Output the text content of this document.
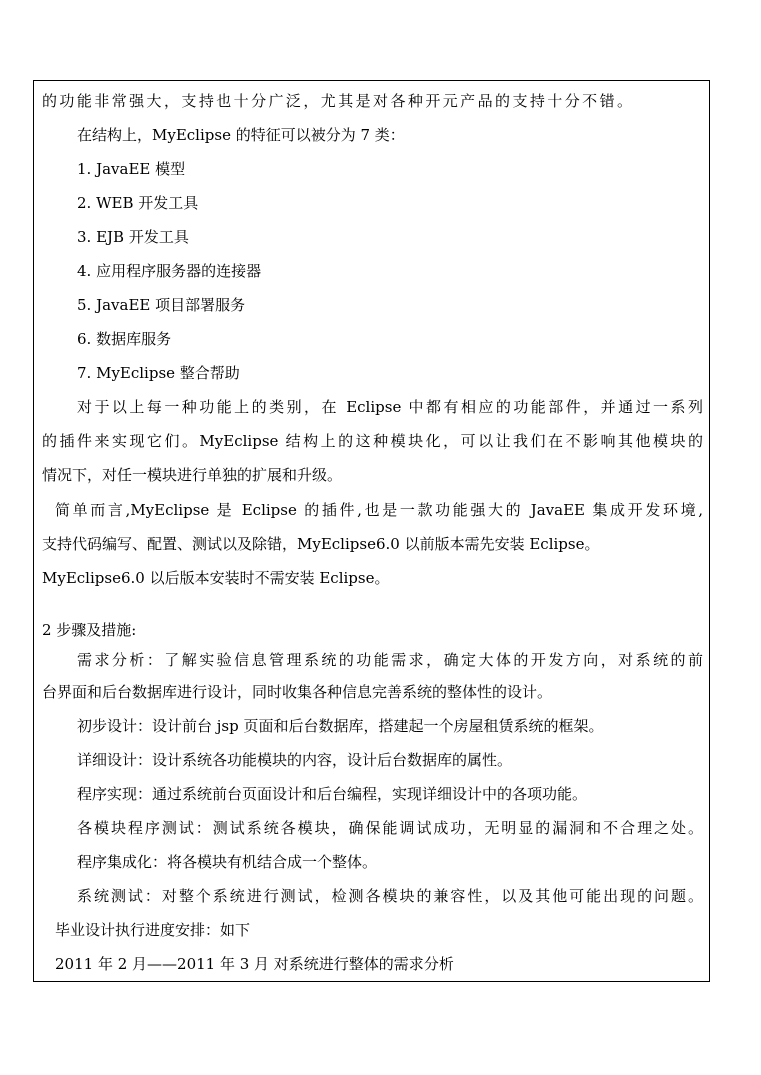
的功能非常强大，支持也十分广泛，尤其是对各种开元产品的支持十分不错。
在结构上，MyEclipse 的特征可以被分为 7 类：
1. JavaEE 模型
2. WEB 开发工具
3. EJB 开发工具
4. 应用程序服务器的连接器
5. JavaEE 项目部署服务
6. 数据库服务
7. MyEclipse 整合帮助
对于以上每一种功能上的类别，在 Eclipse 中都有相应的功能部件，并通过一系列
的插件来实现它们。MyEclipse 结构上的这种模块化，可以让我们在不影响其他模块的
情况下，对任一模块进行单独的扩展和升级。
简单而言,MyEclipse 是 Eclipse 的插件,也是一款功能强大的 JavaEE 集成开发环境,
支持代码编写、配置、测试以及除错，MyEclipse6.0 以前版本需先安装 Eclipse。
MyEclipse6.0 以后版本安装时不需安装 Eclipse。
2 步骤及措施:
需求分析：了解实验信息管理系统的功能需求，确定大体的开发方向，对系统的前
台界面和后台数据库进行设计，同时收集各种信息完善系统的整体性的设计。
初步设计：设计前台 jsp 页面和后台数据库，搭建起一个房屋租赁系统的框架。
详细设计：设计系统各功能模块的内容，设计后台数据库的属性。
程序实现：通过系统前台页面设计和后台编程，实现详细设计中的各项功能。
各模块程序测试：测试系统各模块，确保能调试成功，无明显的漏洞和不合理之处。
程序集成化：将各模块有机结合成一个整体。
系统测试：对整个系统进行测试，检测各模块的兼容性，以及其他可能出现的问题。
毕业设计执行进度安排：如下
2011 年 2 月——2011 年 3 月 对系统进行整体的需求分析
